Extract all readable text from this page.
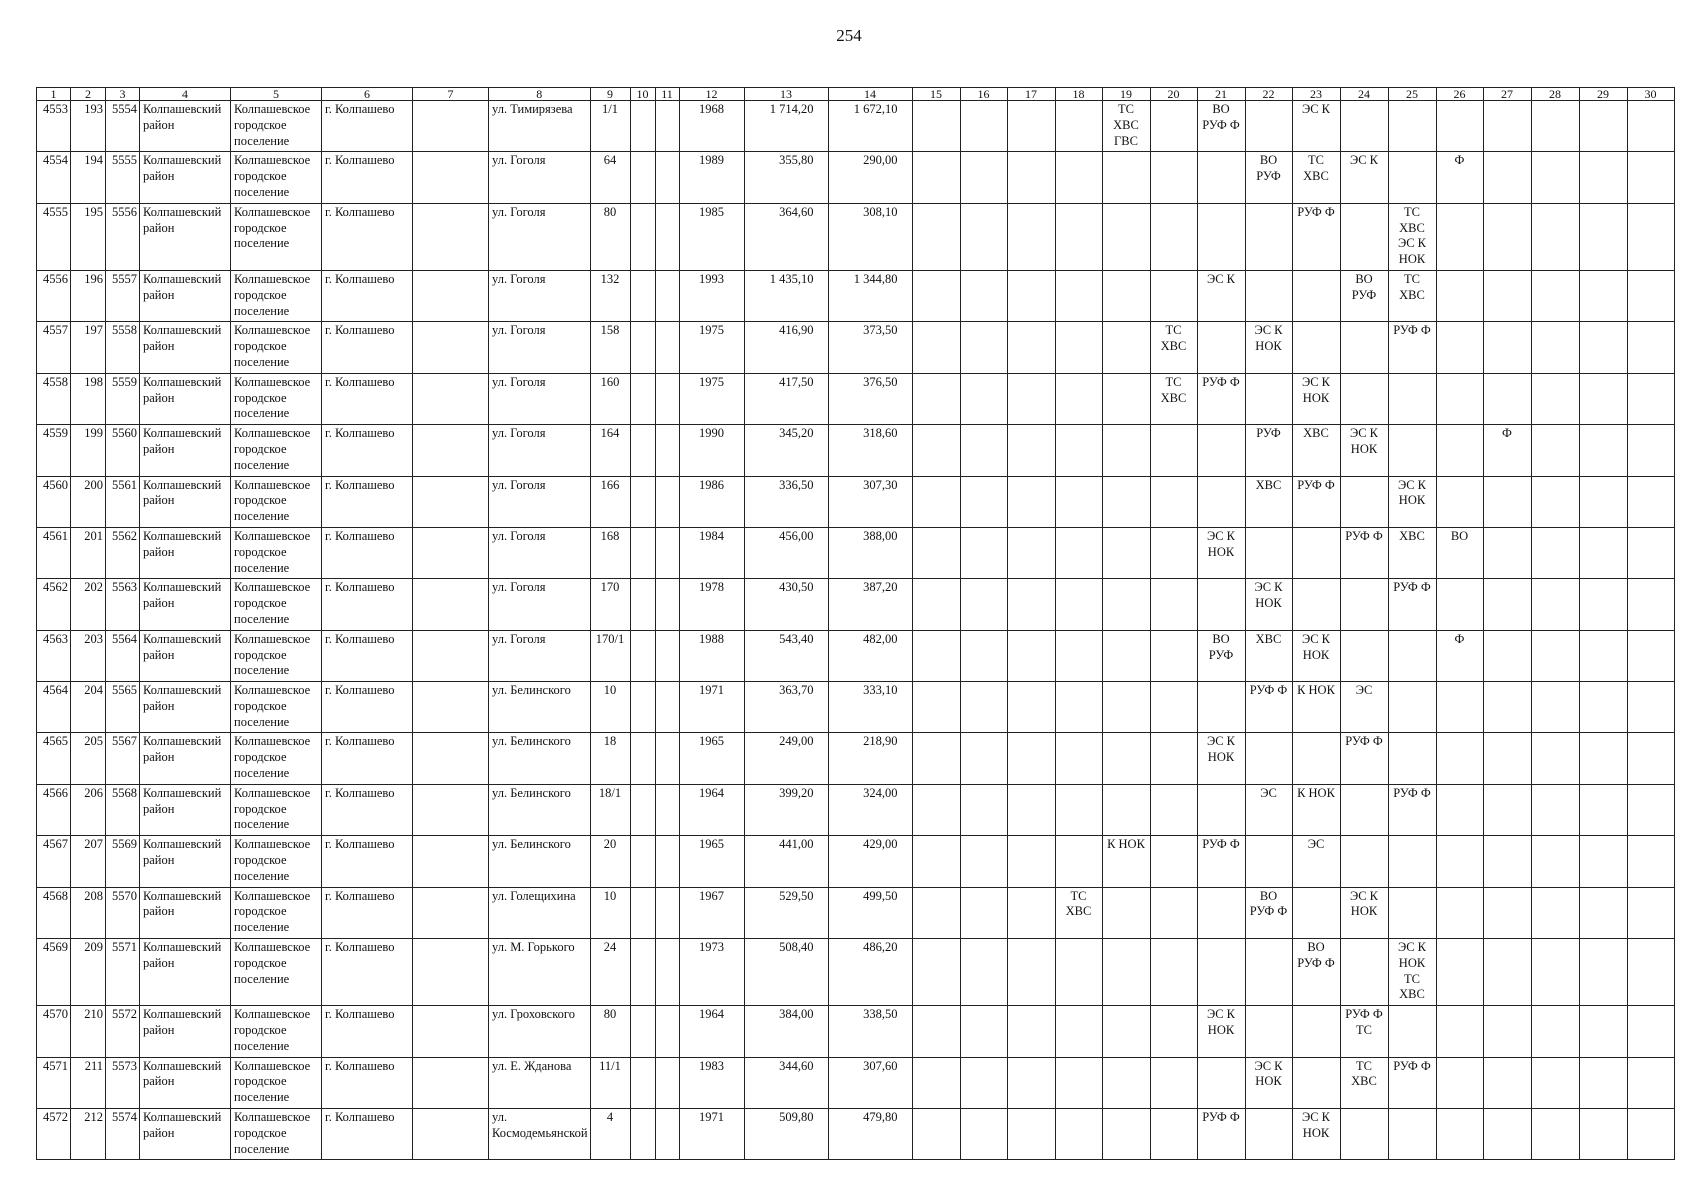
254
1	2	3	4	5	6	7	8	9	10	11	12	13	14	15	16	17	18	19	20	21	22	23	24	25	26	27	28	29	30
4553	193	5554	Колпашевский район	Колпашевское городское поселение	г. Колпашево		ул. Тимирязева	1/1			1968	1 714,20	1 672,10					ТС ХВС ГВС		ВО РУФ Ф		ЭС К							
4554	194	5555	Колпашевский район	Колпашевское городское поселение	г. Колпашево		ул. Гоголя	64			1989	355,80	290,00								ВО РУФ	ТС ХВС	ЭС К		Ф				
4555	195	5556	Колпашевский район	Колпашевское городское поселение	г. Колпашево		ул. Гоголя	80			1985	364,60	308,10									РУФ Ф		ТС ХВС ЭС К НОК					
4556	196	5557	Колпашевский район	Колпашевское городское поселение	г. Колпашево		ул. Гоголя	132			1993	1 435,10	1 344,80							ЭС К			ВО РУФ	ТС ХВС					
4557	197	5558	Колпашевский район	Колпашевское городское поселение	г. Колпашево		ул. Гоголя	158			1975	416,90	373,50						ТС ХВС		ЭС К НОК			РУФ Ф					
4558	198	5559	Колпашевский район	Колпашевское городское поселение	г. Колпашево		ул. Гоголя	160			1975	417,50	376,50						ТС ХВС	РУФ Ф		ЭС К НОК							
4559	199	5560	Колпашевский район	Колпашевское городское поселение	г. Колпашево		ул. Гоголя	164			1990	345,20	318,60								РУФ	ХВС	ЭС К НОК			Ф			
4560	200	5561	Колпашевский район	Колпашевское городское поселение	г. Колпашево		ул. Гоголя	166			1986	336,50	307,30								ХВС	РУФ Ф		ЭС К НОК					
4561	201	5562	Колпашевский район	Колпашевское городское поселение	г. Колпашево		ул. Гоголя	168			1984	456,00	388,00							ЭС К НОК			РУФ Ф	ХВС	ВО				
4562	202	5563	Колпашевский район	Колпашевское городское поселение	г. Колпашево		ул. Гоголя	170			1978	430,50	387,20								ЭС К НОК			РУФ Ф					
4563	203	5564	Колпашевский район	Колпашевское городское поселение	г. Колпашево		ул. Гоголя	170/1			1988	543,40	482,00							ВО РУФ	ХВС	ЭС К НОК			Ф				
4564	204	5565	Колпашевский район	Колпашевское городское поселение	г. Колпашево		ул. Белинского	10			1971	363,70	333,10								РУФ Ф	К НОК	ЭС						
4565	205	5567	Колпашевский район	Колпашевское городское поселение	г. Колпашево		ул. Белинского	18			1965	249,00	218,90							ЭС К НОК			РУФ Ф						
4566	206	5568	Колпашевский район	Колпашевское городское поселение	г. Колпашево		ул. Белинского	18/1			1964	399,20	324,00								ЭС	К НОК		РУФ Ф					
4567	207	5569	Колпашевский район	Колпашевское городское поселение	г. Колпашево		ул. Белинского	20			1965	441,00	429,00					К НОК		РУФ Ф		ЭС							
4568	208	5570	Колпашевский район	Колпашевское городское поселение	г. Колпашево		ул. Голещихина	10			1967	529,50	499,50				ТС ХВС				ВО РУФ Ф		ЭС К НОК						
4569	209	5571	Колпашевский район	Колпашевское городское поселение	г. Колпашево		ул. М. Горького	24			1973	508,40	486,20									ВО РУФ Ф		ЭС К НОК ТС ХВС					
4570	210	5572	Колпашевский район	Колпашевское городское поселение	г. Колпашево		ул. Гроховского	80			1964	384,00	338,50							ЭС К НОК			РУФ Ф ТС						
4571	211	5573	Колпашевский район	Колпашевское городское поселение	г. Колпашево		ул. Е. Жданова	11/1			1983	344,60	307,60								ЭС К НОК		ТС ХВС	РУФ Ф					
4572	212	5574	Колпашевский район	Колпашевское городское поселение	г. Колпашево		ул. Космодемьянской	4			1971	509,80	479,80							РУФ Ф		ЭС К НОК							
